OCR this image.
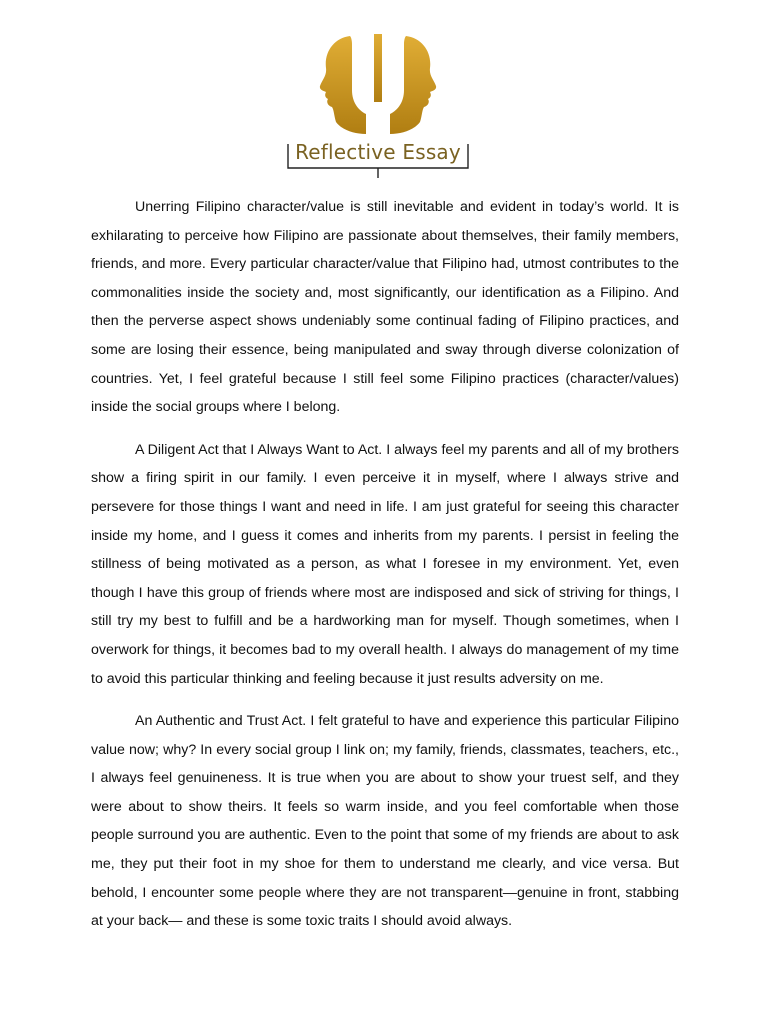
Reflective Essay

Unerring Filipino character/value is still inevitable and evident in today’s world. It is exhilarating to perceive how Filipino are passionate about themselves, their family members, friends, and more. Every particular character/value that Filipino had, utmost contributes to the commonalities inside the society and, most significantly, our identification as a Filipino. And then the perverse aspect shows undeniably some continual fading of Filipino practices, and some are losing their essence, being manipulated and sway through diverse colonization of countries. Yet, I feel grateful because I still feel some Filipino practices (character/values) inside the social groups where I belong.

A Diligent Act that I Always Want to Act. I always feel my parents and all of my brothers show a firing spirit in our family. I even perceive it in myself, where I always strive and persevere for those things I want and need in life. I am just grateful for seeing this character inside my home, and I guess it comes and inherits from my parents. I persist in feeling the stillness of being motivated as a person, as what I foresee in my environment. Yet, even though I have this group of friends where most are indisposed and sick of striving for things, I still try my best to fulfill and be a hardworking man for myself. Though sometimes, when I overwork for things, it becomes bad to my overall health. I always do management of my time to avoid this particular thinking and feeling because it just results adversity on me.

An Authentic and Trust Act. I felt grateful to have and experience this particular Filipino value now; why? In every social group I link on; my family, friends, classmates, teachers, etc., I always feel genuineness. It is true when you are about to show your truest self, and they were about to show theirs. It feels so warm inside, and you feel comfortable when those people surround you are authentic. Even to the point that some of my friends are about to ask me, they put their foot in my shoe for them to understand me clearly, and vice versa. But behold, I encounter some people where they are not transparent—genuine in front, stabbing at your back— and these is some toxic traits I should avoid always.
